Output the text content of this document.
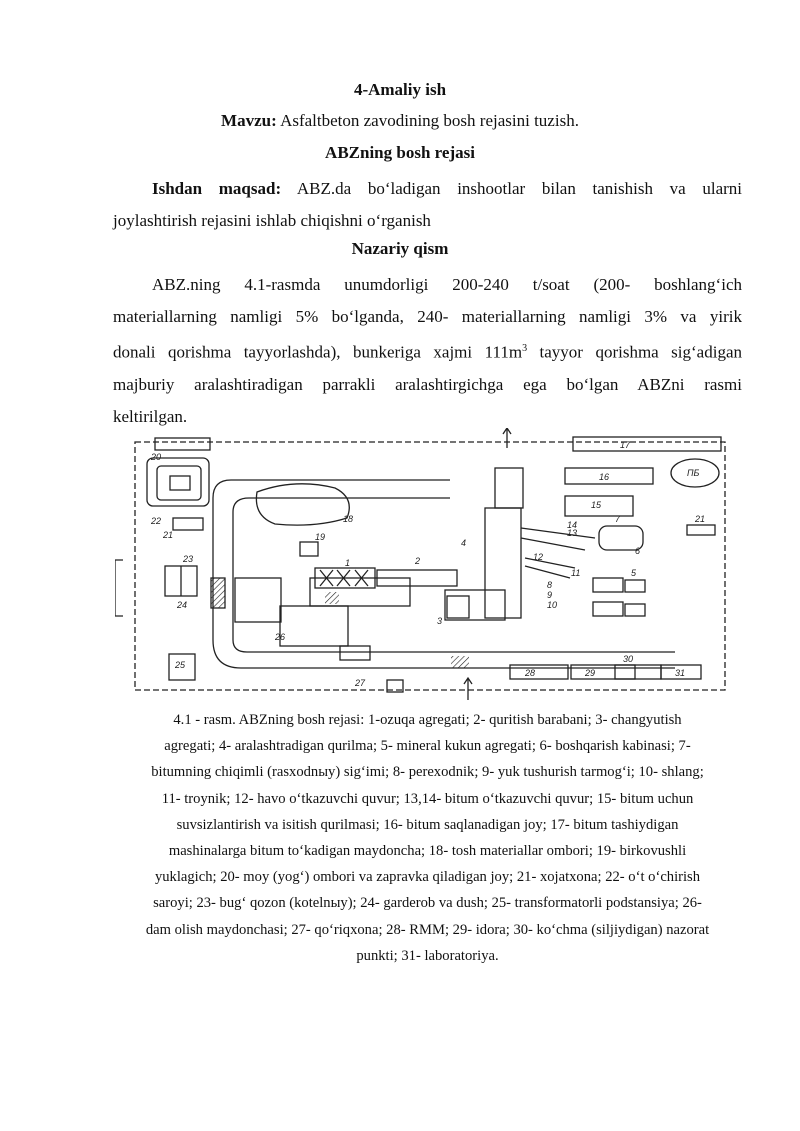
4-Amaliy ish
Mavzu: Asfaltbeton zavodining bosh rejasini tuzish.
ABZning bosh rejasi
Ishdan maqsad: ABZ.da bo‘ladigan inshootlar bilan tanishish va ularni
joylashtirish rejasini ishlab chiqishni o‘rganish
Nazariy qism
ABZ.ning 4.1-rasmda unumdorligi 200-240 t/soat (200- boshlang‘ich
materiallarning namligi 5% bo‘lganda, 240- materiallarning namligi 3% va yirik
donali qorishma tayyorlashda), bunkeriga xajmi $111m^3$ tayyor qorishma sig‘adigan
majburiy aralashtiradigan parrakli aralashtirgichga ega bo‘lgan ABZni rasmi
keltirilgan.
20
22
21
23
24
25
26
27
28	29
30
31
18
19
1	2
3
4
5
6
7
8
9
10
11
12
13
14
15
16
17
ПБ
21
4.1 - rasm. ABZning bosh rejasi: 1-ozuqa agregati; 2- quritish barabani; 3- changyutish
agregati; 4- aralashtradigan qurilma; 5- mineral kukun agregati; 6- boshqarish kabinasi; 7-
bitumning chiqimli (rasxodnыy) sig‘imi; 8- perexodnik; 9- yuk tushurish tarmog‘i; 10- shlang;
11- troynik; 12- havo o‘tkazuvchi quvur; 13,14- bitum o‘tkazuvchi quvur; 15- bitum uchun
suvsizlantirish va isitish qurilmasi; 16- bitum saqlanadigan joy; 17- bitum tashiydigan
mashinalarga bitum to‘kadigan maydoncha; 18- tosh materiallar ombori; 19- birkovushli
yuklagich; 20- moy (yog‘) ombori va zapravka qiladigan joy; 21- xojatxona; 22- o‘t o‘chirish
saroyi; 23- bug‘ qozon (kotelnыy); 24- garderob va dush; 25- transformatorli podstansiya; 26-
dam olish maydonchasi; 27- qo‘riqxona; 28- RMM; 29- idora; 30- ko‘chma (siljiydigan) nazorat
punkti; 31- laboratoriya.
